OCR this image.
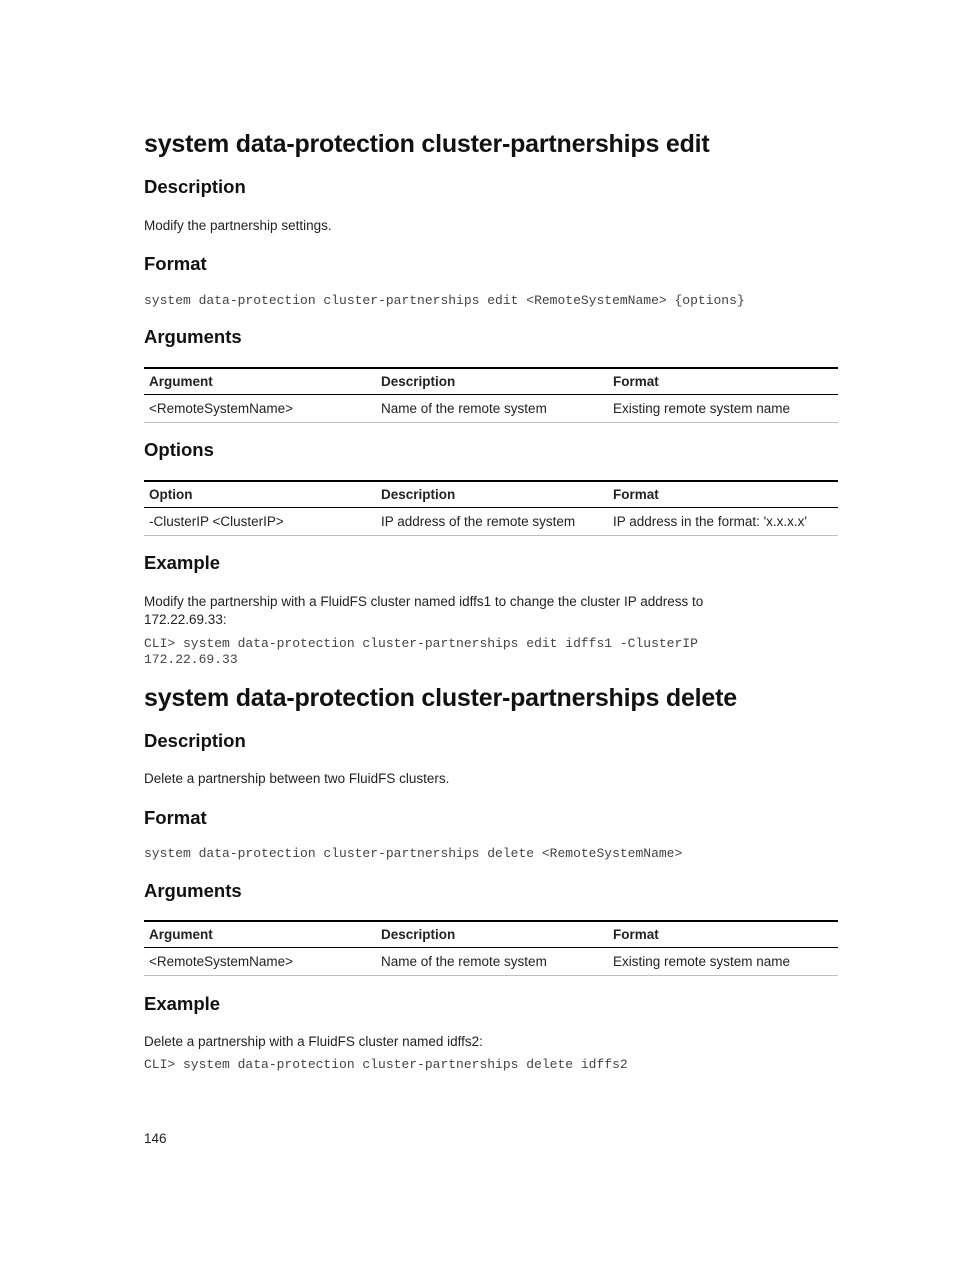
system data-protection cluster-partnerships edit
Description

Modify the partnership settings.

Format
system data-protection cluster-partnerships edit <RemoteSystemName> {options}
Arguments
Argument	Description	Format
<RemoteSystemName>	Name of the remote system	Existing remote system name
Options
Option	Description	Format
-ClusterIP <ClusterIP>	IP address of the remote system	IP address in the format: 'x.x.x.x'
Example

Modify the partnership with a FluidFS cluster named idffs1 to change the cluster IP address to

172.22.69.33:

CLI> system data-protection cluster-partnerships edit idffs1 -ClusterIP
172.22.69.33
system data-protection cluster-partnerships delete
Description

Delete a partnership between two FluidFS clusters.

Format
system data-protection cluster-partnerships delete <RemoteSystemName>
Arguments
Argument	Description	Format
<RemoteSystemName>	Name of the remote system	Existing remote system name
Example

Delete a partnership with a FluidFS cluster named idffs2:

CLI> system data-protection cluster-partnerships delete idffs2
146
